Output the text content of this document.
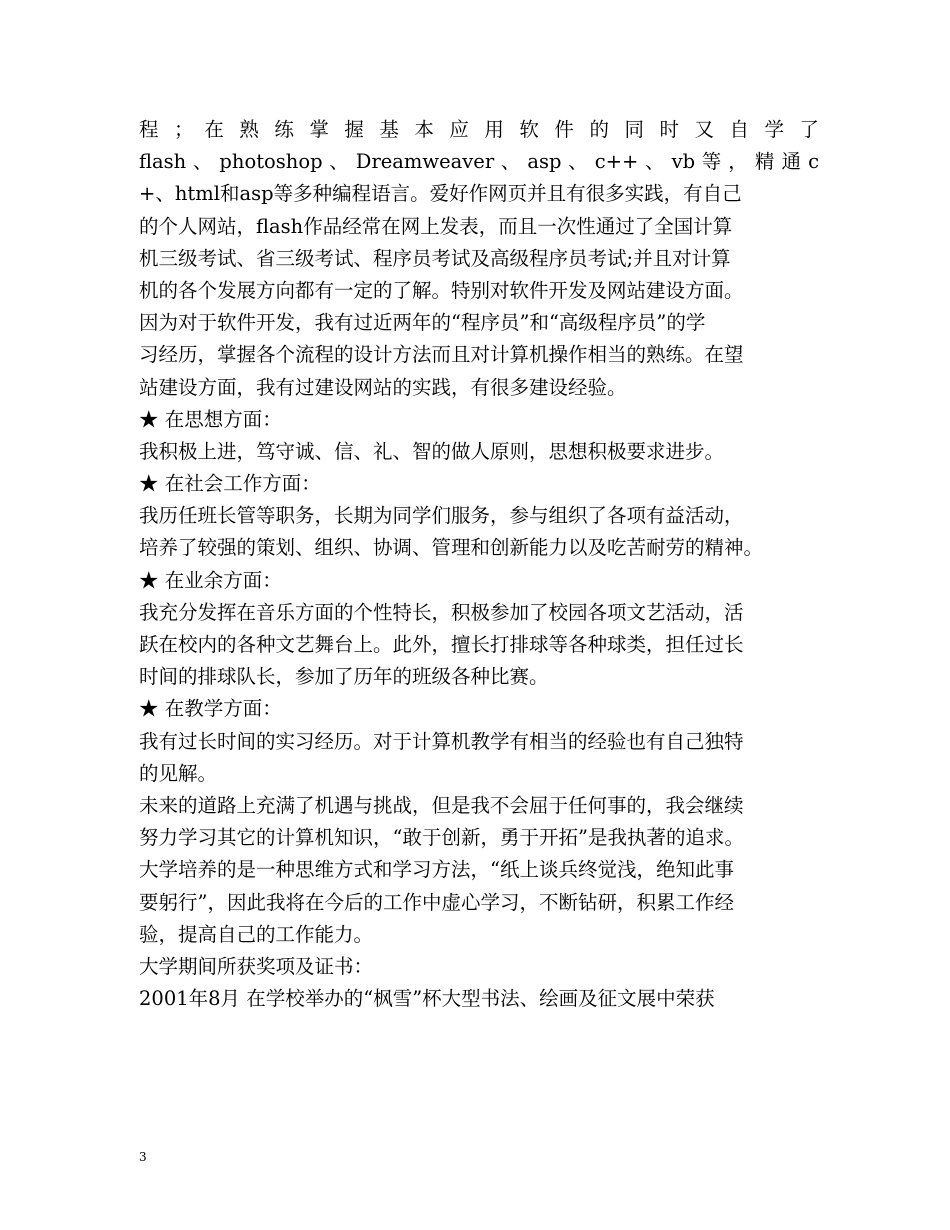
程 ； 在 熟 练 掌 握 基 本 应 用 软 件 的 同 时 又 自 学 了
flash 、 photoshop 、 Dreamweaver 、 asp 、 c++ 、 vb 等 ， 精 通 c
+、html和asp等多种编程语言。爱好作网页并且有很多实践，有自己
的个人网站，flash作品经常在网上发表，而且一次性通过了全国计算
机三级考试、省三级考试、程序员考试及高级程序员考试;并且对计算
机的各个发展方向都有一定的了解。特别对软件开发及网站建设方面。
因为对于软件开发，我有过近两年的“程序员”和“高级程序员”的学
习经历，掌握各个流程的设计方法而且对计算机操作相当的熟练。在望
站建设方面，我有过建设网站的实践，有很多建设经验。
★ 在思想方面：
我积极上进，笃守诚、信、礼、智的做人原则，思想积极要求进步。
★ 在社会工作方面：
我历任班长管等职务，长期为同学们服务，参与组织了各项有益活动，
培养了较强的策划、组织、协调、管理和创新能力以及吃苦耐劳的精神。
★ 在业余方面：
我充分发挥在音乐方面的个性特长，积极参加了校园各项文艺活动，活
跃在校内的各种文艺舞台上。此外，擅长打排球等各种球类，担任过长
时间的排球队长，参加了历年的班级各种比赛。
★ 在教学方面：
我有过长时间的实习经历。对于计算机教学有相当的经验也有自己独特
的见解。
未来的道路上充满了机遇与挑战，但是我不会屈于任何事的，我会继续
努力学习其它的计算机知识，“敢于创新，勇于开拓”是我执著的追求。
大学培养的是一种思维方式和学习方法，“纸上谈兵终觉浅，绝知此事
要躬行”，因此我将在今后的工作中虚心学习，不断钻研，积累工作经
验，提高自己的工作能力。
大学期间所获奖项及证书：
2001年8月 在学校举办的“枫雪”杯大型书法、绘画及征文展中荣获
3
